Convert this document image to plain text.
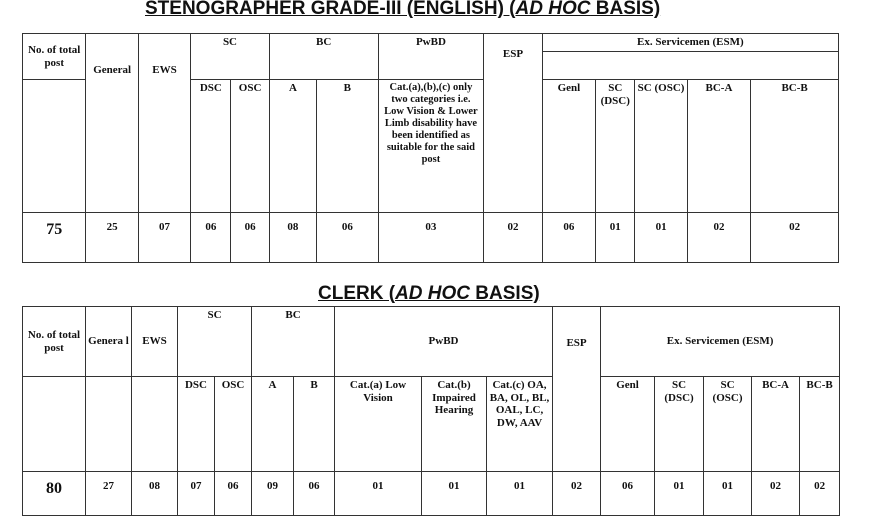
STENOGRAPHER GRADE-III (ENGLISH) (AD HOC BASIS)
No. of total post	General	EWS	SC		BC		PwBD	ESP	Ex. Servicemen (ESM)				

			DSC	OSC	A	B	Cat.(a),(b),(c) only two categories i.e. Low Vision & Lower Limb disability have been identified as suitable for the said post		Genl	SC (DSC)	SC (OSC)	BC-A	BC-B
75	25	07	06	06	08	06	03	02	06	01	01	02	02
CLERK (AD HOC BASIS)
No. of total post	Genera l	EWS	SC		BC		PwBD			ESP	Ex. Servicemen (ESM)				

			DSC	OSC	A	B	Cat.(a) Low Vision	Cat.(b) Impaired Hearing	Cat.(c) OA, BA, OL, BL, OAL, LC, DW, AAV		Genl	SC (DSC)	SC (OSC)	BC-A	BC-B
80	27	08	07	06	09	06	01	01	01	02	06	01	01	02	02
